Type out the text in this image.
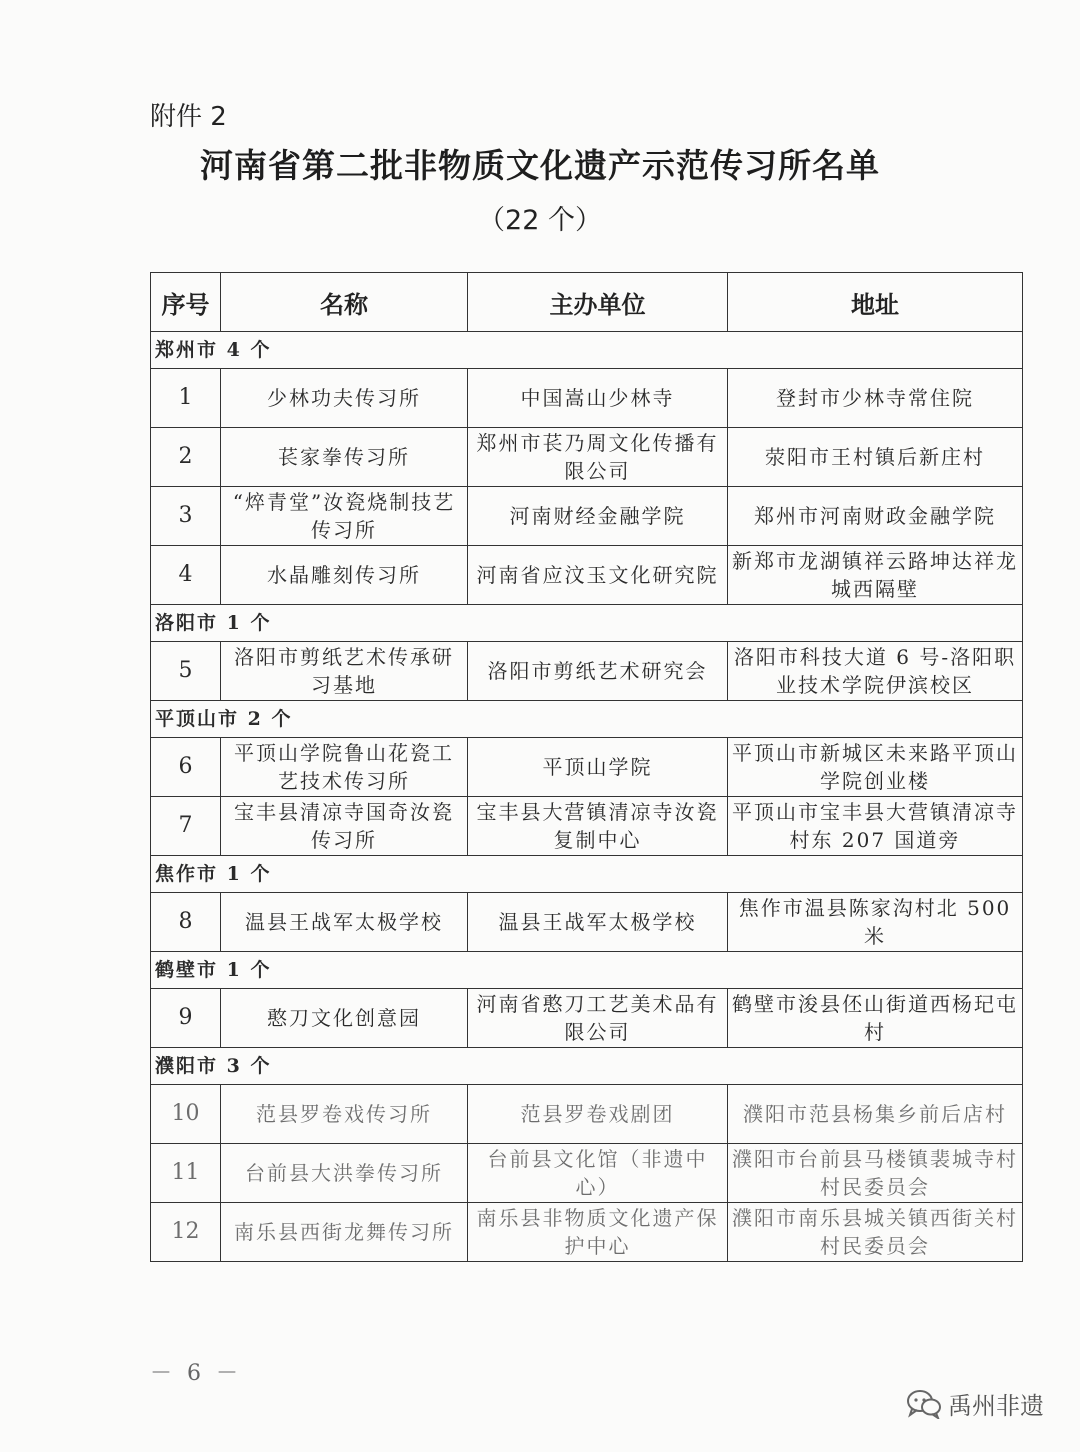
附件 2
河南省第二批非物质文化遗产示范传习所名单
（22 个）
序号	名称	主办单位	地址
郑州市 4 个			
1	少林功夫传习所	中国嵩山少林寺	登封市少林寺常住院
2	苌家拳传习所	郑州市苌乃周文化传播有限公司	荥阳市王村镇后新庄村
3	“焠青堂”汝瓷烧制技艺传习所	河南财经金融学院	郑州市河南财政金融学院
4	水晶雕刻传习所	河南省应汶玉文化研究院	新郑市龙湖镇祥云路坤达祥龙城西隔壁
洛阳市 1 个			
5	洛阳市剪纸艺术传承研习基地	洛阳市剪纸艺术研究会	洛阳市科技大道 6 号-洛阳职业技术学院伊滨校区
平顶山市 2 个			
6	平顶山学院鲁山花瓷工艺技术传习所	平顶山学院	平顶山市新城区未来路平顶山学院创业楼
7	宝丰县清凉寺国奇汝瓷传习所	宝丰县大营镇清凉寺汝瓷复制中心	平顶山市宝丰县大营镇清凉寺村东 207 国道旁
焦作市 1 个			
8	温县王战军太极学校	温县王战军太极学校	焦作市温县陈家沟村北 500 米
鹤壁市 1 个			
9	憨刀文化创意园	河南省憨刀工艺美术品有限公司	鹤壁市浚县伾山街道西杨玘屯村
濮阳市 3 个			
10	范县罗卷戏传习所	范县罗卷戏剧团	濮阳市范县杨集乡前后店村
11	台前县大洪拳传习所	台前县文化馆（非遗中心）	濮阳市台前县马楼镇裴城寺村村民委员会
12	南乐县西街龙舞传习所	南乐县非物质文化遗产保护中心	濮阳市南乐县城关镇西街关村村民委员会
－ 6 －
禹州非遗
